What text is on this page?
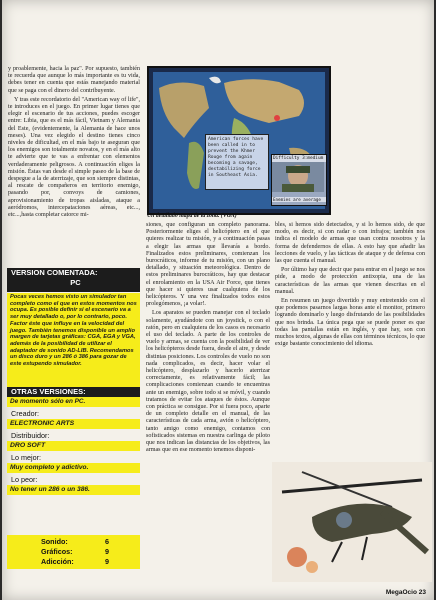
y proablemente, hacia la paz". Por supuesto, también te recuerda que aunque lo más importante es tu vida, debes tener en cuenta que estás manejando material que se paga con el dinero del contribuyente.

Y tras este recordatorio del "American way of life", te introduces en el juego. En primer lugar tienes que elegir el escenario de tus acciones, puedes escoger entre: Libia, que es el más fácil, Vietnam y Alemania del Este, (evidentemente, la Alemania de hace unos meses). Una vez elegido el destino tienes cinco niveles de dificultad, en el más bajo te aseguran que los enemigos son totalmente novatos, y en el más alto te advierte que te vas a enfrentar con elementos verdaderamente peligrosos. A continuación eliges la misión. Éstas van desde el simple paseo de la base de despegue a la de aterrizaje, que son siempre distintas, al rescate de compañeros en territorio enemigo, pasando por, convoys de camiones, aprovisionamiento de tropas aisladas, ataque a aeródromos, intercepataciones aéreas, etc..., etc...,hasta completar catorce mi-

American forces have been called in to prevent the Khmer Rouge from again becoming a savage, destabilizing force in Southeast Asia.
Difficulty 3:medium
Enemies are average
Un detallado mapa de la zona. (VGA)

siones, que configuran un completo panorama. Posteriormente eliges el helicóptero en el que quieres realizar tu misión, y a continuación pasas a elegir las armas que llevarás a bordo. Finalizados estos preliminares, comienzan los burocráticos, informe de tu misión, con un plano detallado, y situación meteorológica. Dentro de estos preliminares burocráticos, hay que destacar el enrolamiento en la USA Air Force, que tienes que hacer si quieres usar cualquiera de los helicópteros. Y una vez finalizados todos estos prolegómenos, ¡a volar!.

Los aparatos se pueden manejar con el teclado solamente, ayudándote con un joystick, o con el ratón, pero en cualquiera de los casos es necesario el uso del teclado. A parte de los controles de vuelo y armas, se cuenta con la posibilidad de ver los helicópteros desde fuera, desde el aire, y desde distintas posiciones. Los controles de vuelo no son nada complicados, es decir, hacer volar el helicóptero, desplazarlo y hacerlo aterrizar correctamente, es relativamente fácil; las complicaciones comienzan cuando te encuentras ante un enemigo, sobre todo si se móvil, y cuando tratamos de evitar los ataques de éstos. Aunque con práctica se consigue. Por si fuera poco, aparte de un completo detalle en el manual, de las características de cada arma, avión o helicóptero, tanto amigo como enemigo, contamos con sofisticados sistemas en nuestra carlinga de piloto que nos indican las distancias de los objetivos, las armas que en ese momento tenemos disponi-

bles, si hemos sido detectados, y si lo hemos sido, de que modo, es decir, si con radar o con infrajos; también nos indica el modelo de armas que usan contra nosotros y la forma de defendernos de ellas. A esto hay que añadir las lecciones de vuelo, y las tácticas de ataque y de defensa con las que cuenta el manual.

Por último hay que decir que para entrar en el juego se nos pide, a modo de protección antixopia, una de las características de las armas que vienen descritas en el manual.

En resumen un juego divertido y muy entretenido con el que podemos pasarnos largas horas ante el monitor, primero logrando dominarlo y luego disfrutando de las posibilidades que nos brinda. La única pega que se puede poner es que todas las pantallas están en inglés, y que hay, son con muchos textos, algunas de ellas con términos técnicos, lo que exige bastante conocimiento del idioma.

VERSION COMENTADA:
PC
Pocas veces hemos visto un simulador tan completo como el que en estos momentos nos ocupa. Es posible definir si el escenario va a ser muy detallado o, por lo contrario, poco. Factor éste que influye en la velocidad del juego. También tenemos disponible un amplio margen de tarjetas gráficas: CGA, EGA y VGA, además de la posibilidad de utilizar el adaptador de sonido AD-LIB. Recomendamos un disco duro y un 286 ó 386 para gozar de este estupendo simulador.
OTRAS VERSIONES:
De momento sólo en PC.
Creador:
ELECTRONIC ARTS
Distribuidor:
DRO SOFT
Lo mejor:
Muy completo y adictivo.
Lo peor:
No tener un 286 o un 386.
Sonido:	6
Gráficos:	9
Adicción:	9
MegaOcio 23
